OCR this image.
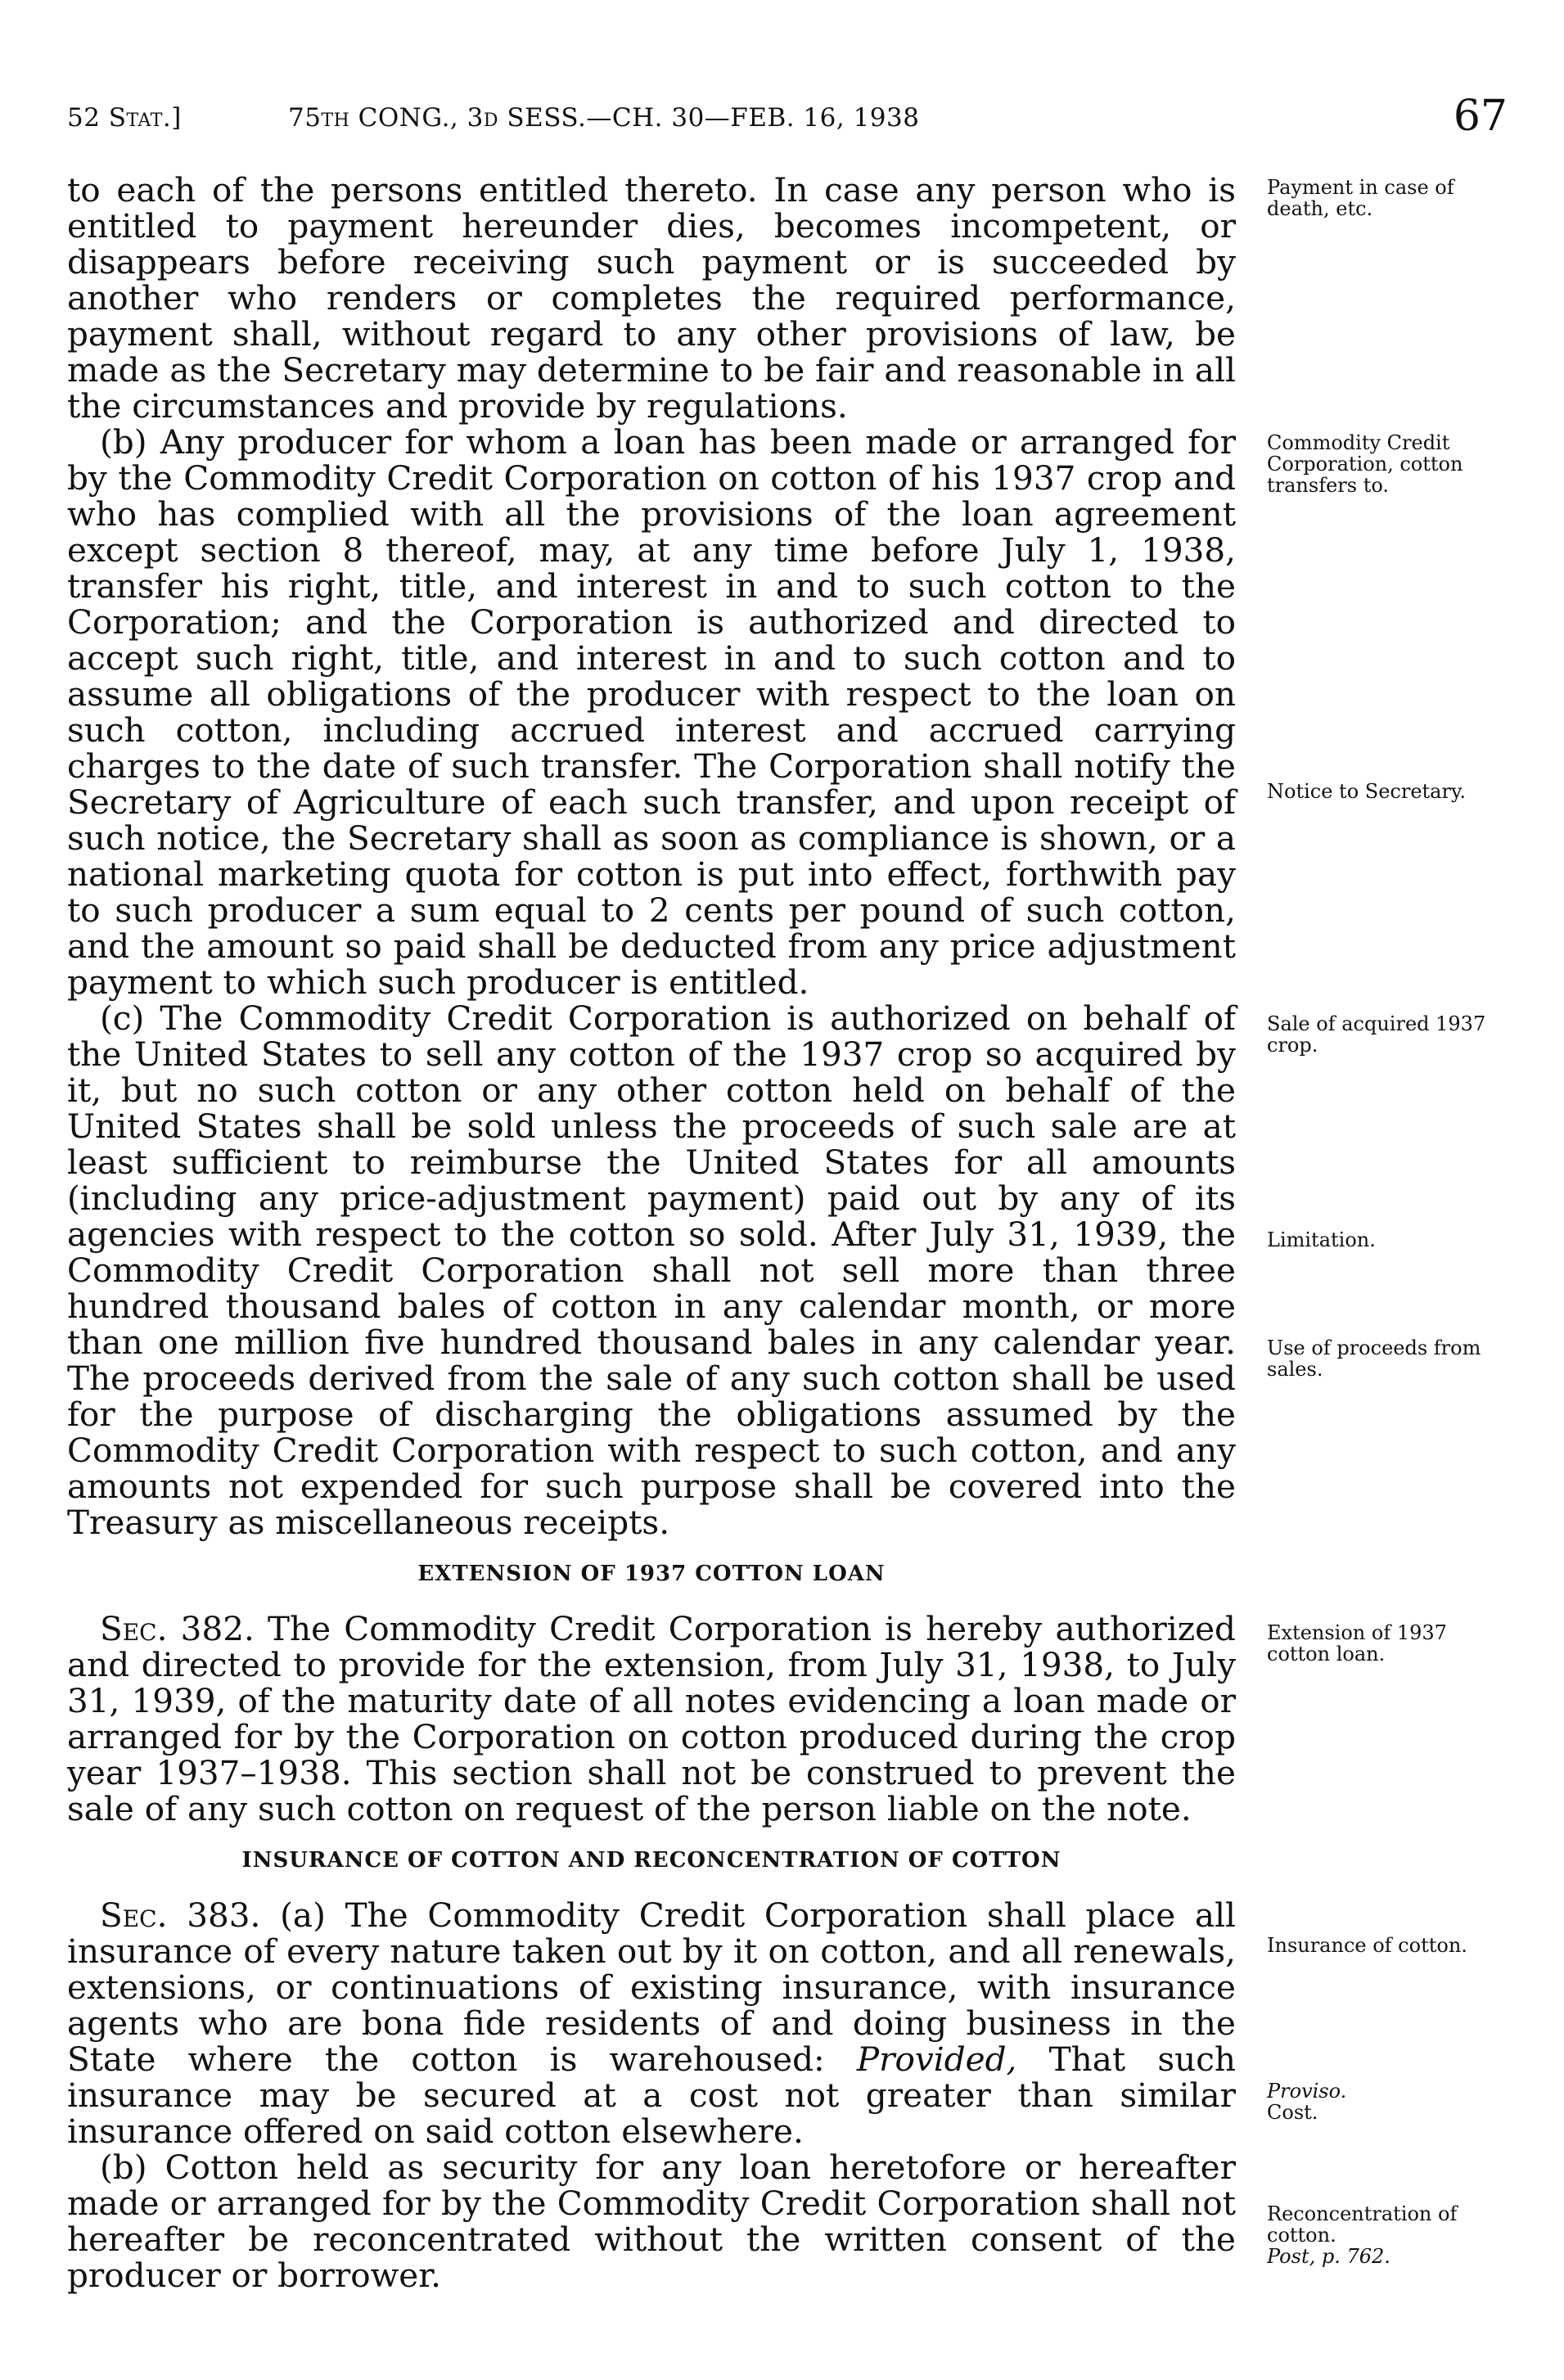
52 Stat.]	75th CONG., 3d SESS.—CH. 30—FEB. 16, 1938	67

to each of the persons entitled thereto. In case any person who is entitled to payment hereunder dies, becomes incompetent, or disappears before receiving such payment or is succeeded by another who renders or completes the required performance, payment shall, without regard to any other provisions of law, be made as the Secretary may determine to be fair and reasonable in all the circumstances and provide by regulations.

(b) Any producer for whom a loan has been made or arranged for by the Commodity Credit Corporation on cotton of his 1937 crop and who has complied with all the provisions of the loan agreement except section 8 thereof, may, at any time before July 1, 1938, transfer his right, title, and interest in and to such cotton to the Corporation; and the Corporation is authorized and directed to accept such right, title, and interest in and to such cotton and to assume all obligations of the producer with respect to the loan on such cotton, including accrued interest and accrued carrying charges to the date of such transfer. The Corporation shall notify the Secretary of Agriculture of each such transfer, and upon receipt of such notice, the Secretary shall as soon as compliance is shown, or a national marketing quota for cotton is put into effect, forthwith pay to such producer a sum equal to 2 cents per pound of such cotton, and the amount so paid shall be deducted from any price adjustment payment to which such producer is entitled.

(c) The Commodity Credit Corporation is authorized on behalf of the United States to sell any cotton of the 1937 crop so acquired by it, but no such cotton or any other cotton held on behalf of the United States shall be sold unless the proceeds of such sale are at least sufficient to reimburse the United States for all amounts (including any price-adjustment payment) paid out by any of its agencies with respect to the cotton so sold. After July 31, 1939, the Commodity Credit Corporation shall not sell more than three hundred thousand bales of cotton in any calendar month, or more than one million five hundred thousand bales in any calendar year. The proceeds derived from the sale of any such cotton shall be used for the purpose of discharging the obligations assumed by the Commodity Credit Corporation with respect to such cotton, and any amounts not expended for such purpose shall be covered into the Treasury as miscellaneous receipts.

EXTENSION OF 1937 COTTON LOAN

Sec. 382. The Commodity Credit Corporation is hereby authorized and directed to provide for the extension, from July 31, 1938, to July 31, 1939, of the maturity date of all notes evidencing a loan made or arranged for by the Corporation on cotton produced during the crop year 1937–1938. This section shall not be construed to prevent the sale of any such cotton on request of the person liable on the note.

INSURANCE OF COTTON AND RECONCENTRATION OF COTTON

Sec. 383. (a) The Commodity Credit Corporation shall place all insurance of every nature taken out by it on cotton, and all renewals, extensions, or continuations of existing insurance, with insurance agents who are bona fide residents of and doing business in the State where the cotton is warehoused: Provided, That such insurance may be secured at a cost not greater than similar insurance offered on said cotton elsewhere.

(b) Cotton held as security for any loan heretofore or hereafter made or arranged for by the Commodity Credit Corporation shall not hereafter be reconcentrated without the written consent of the producer or borrower.

Payment in case of death, etc.
Commodity Credit Corporation, cotton transfers to.
Notice to Secretary.
Sale of acquired 1937 crop.
Limitation.
Use of proceeds from sales.
Extension of 1937 cotton loan.
Insurance of cotton.
Proviso.
Cost.
Reconcentration of cotton.
Post, p. 762.
